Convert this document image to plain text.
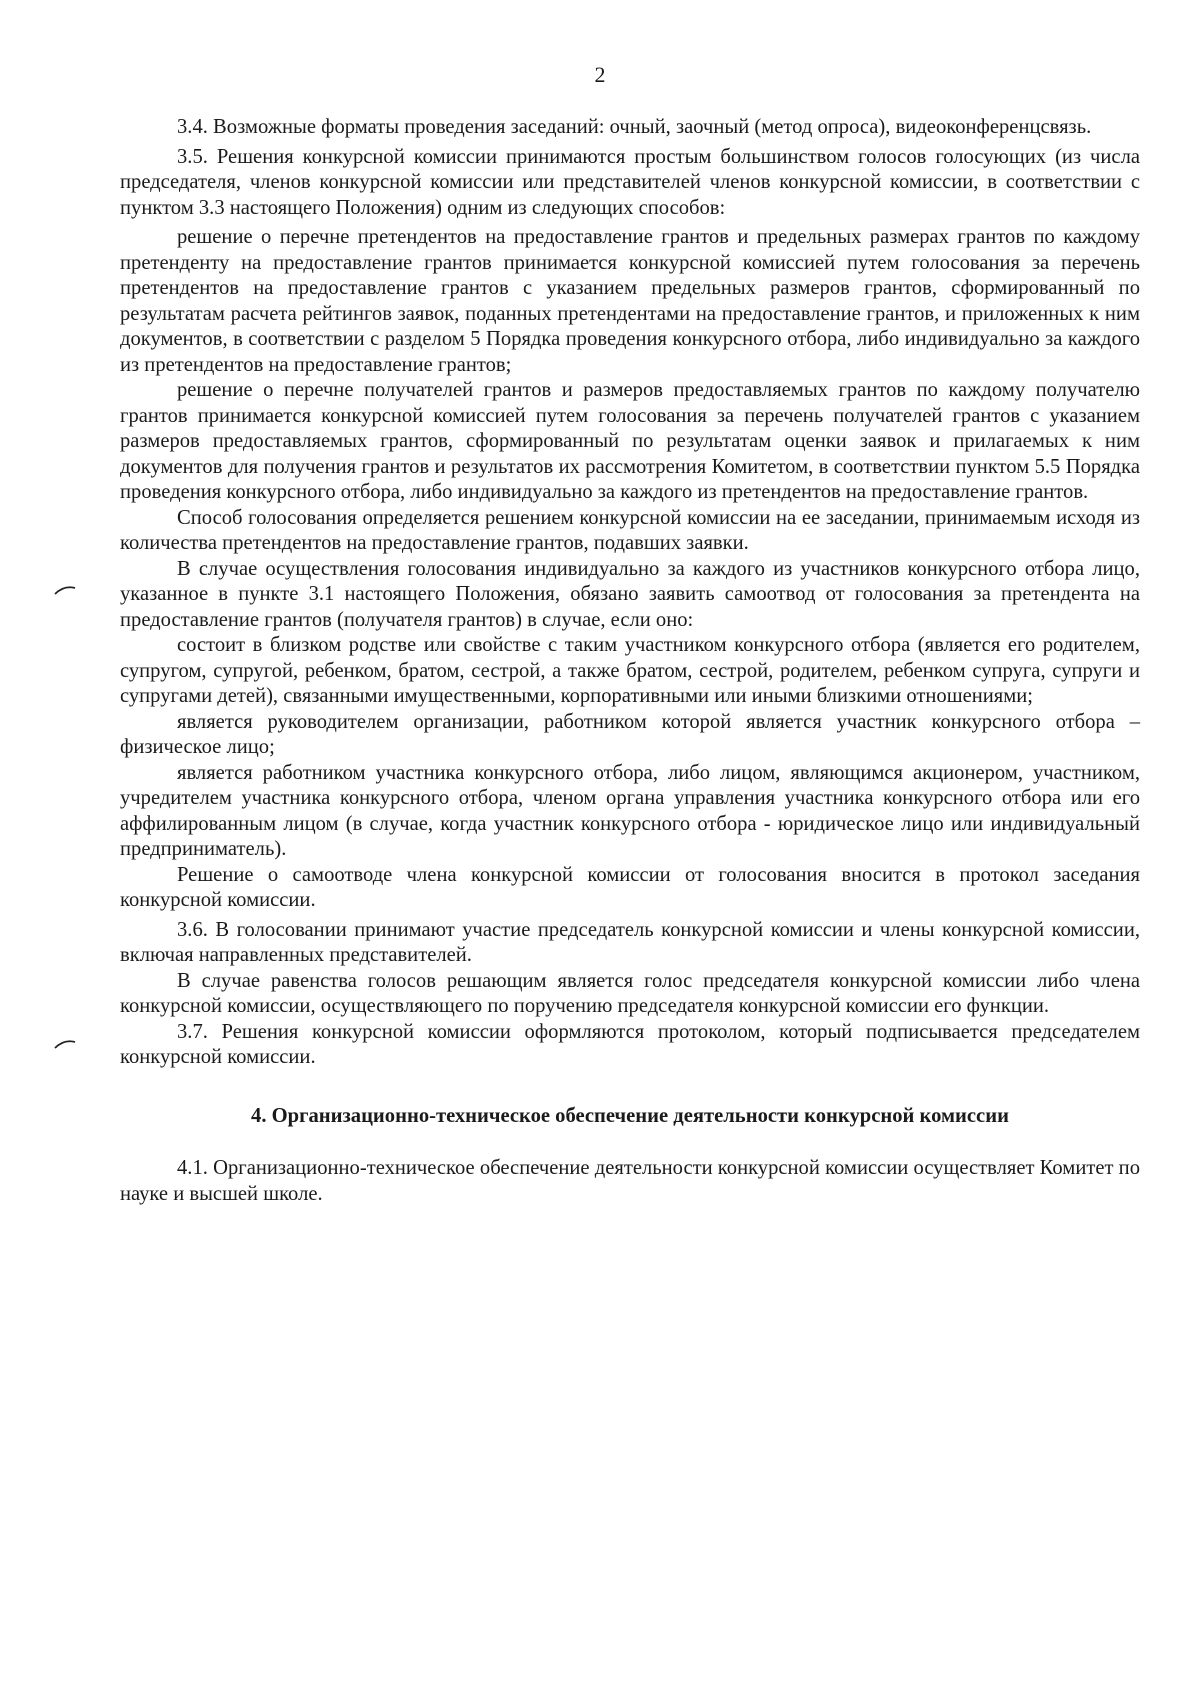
2

3.4. Возможные форматы проведения заседаний: очный, заочный (метод опроса), видеоконференцсвязь.

3.5. Решения конкурсной комиссии принимаются простым большинством голосов голосующих (из числа председателя, членов конкурсной комиссии или представителей членов конкурсной комиссии, в соответствии с пунктом 3.3 настоящего Положения) одним из следующих способов:

решение о перечне претендентов на предоставление грантов и предельных размерах грантов по каждому претенденту на предоставление грантов принимается конкурсной комиссией путем голосования за перечень претендентов на предоставление грантов с указанием предельных размеров грантов, сформированный по результатам расчета рейтингов заявок, поданных претендентами на предоставление грантов, и приложенных к ним документов, в соответствии с разделом 5 Порядка проведения конкурсного отбора, либо индивидуально за каждого из претендентов на предоставление грантов;

решение о перечне получателей грантов и размеров предоставляемых грантов по каждому получателю грантов принимается конкурсной комиссией путем голосования за перечень получателей грантов с указанием размеров предоставляемых грантов, сформированный по результатам оценки заявок и прилагаемых к ним документов для получения грантов и результатов их рассмотрения Комитетом, в соответствии пунктом 5.5 Порядка проведения конкурсного отбора, либо индивидуально за каждого из претендентов на предоставление грантов.

Способ голосования определяется решением конкурсной комиссии на ее заседании, принимаемым исходя из количества претендентов на предоставление грантов, подавших заявки.

В случае осуществления голосования индивидуально за каждого из участников конкурсного отбора лицо, указанное в пункте 3.1 настоящего Положения, обязано заявить самоотвод от голосования за претендента на предоставление грантов (получателя грантов) в случае, если оно:

состоит в близком родстве или свойстве с таким участником конкурсного отбора (является его родителем, супругом, супругой, ребенком, братом, сестрой, а также братом, сестрой, родителем, ребенком супруга, супруги и супругами детей), связанными имущественными, корпоративными или иными близкими отношениями;

является руководителем организации, работником которой является участник конкурсного отбора – физическое лицо;

является работником участника конкурсного отбора, либо лицом, являющимся акционером, участником, учредителем участника конкурсного отбора, членом органа управления участника конкурсного отбора или его аффилированным лицом (в случае, когда участник конкурсного отбора - юридическое лицо или индивидуальный предприниматель).

Решение о самоотводе члена конкурсной комиссии от голосования вносится в протокол заседания конкурсной комиссии.

3.6. В голосовании принимают участие председатель конкурсной комиссии и члены конкурсной комиссии, включая направленных представителей.

В случае равенства голосов решающим является голос председателя конкурсной комиссии либо члена конкурсной комиссии, осуществляющего по поручению председателя конкурсной комиссии его функции.

3.7. Решения конкурсной комиссии оформляются протоколом, который подписывается председателем конкурсной комиссии.

4. Организационно-техническое обеспечение деятельности конкурсной комиссии

4.1. Организационно-техническое обеспечение деятельности конкурсной комиссии осуществляет Комитет по науке и высшей школе.
